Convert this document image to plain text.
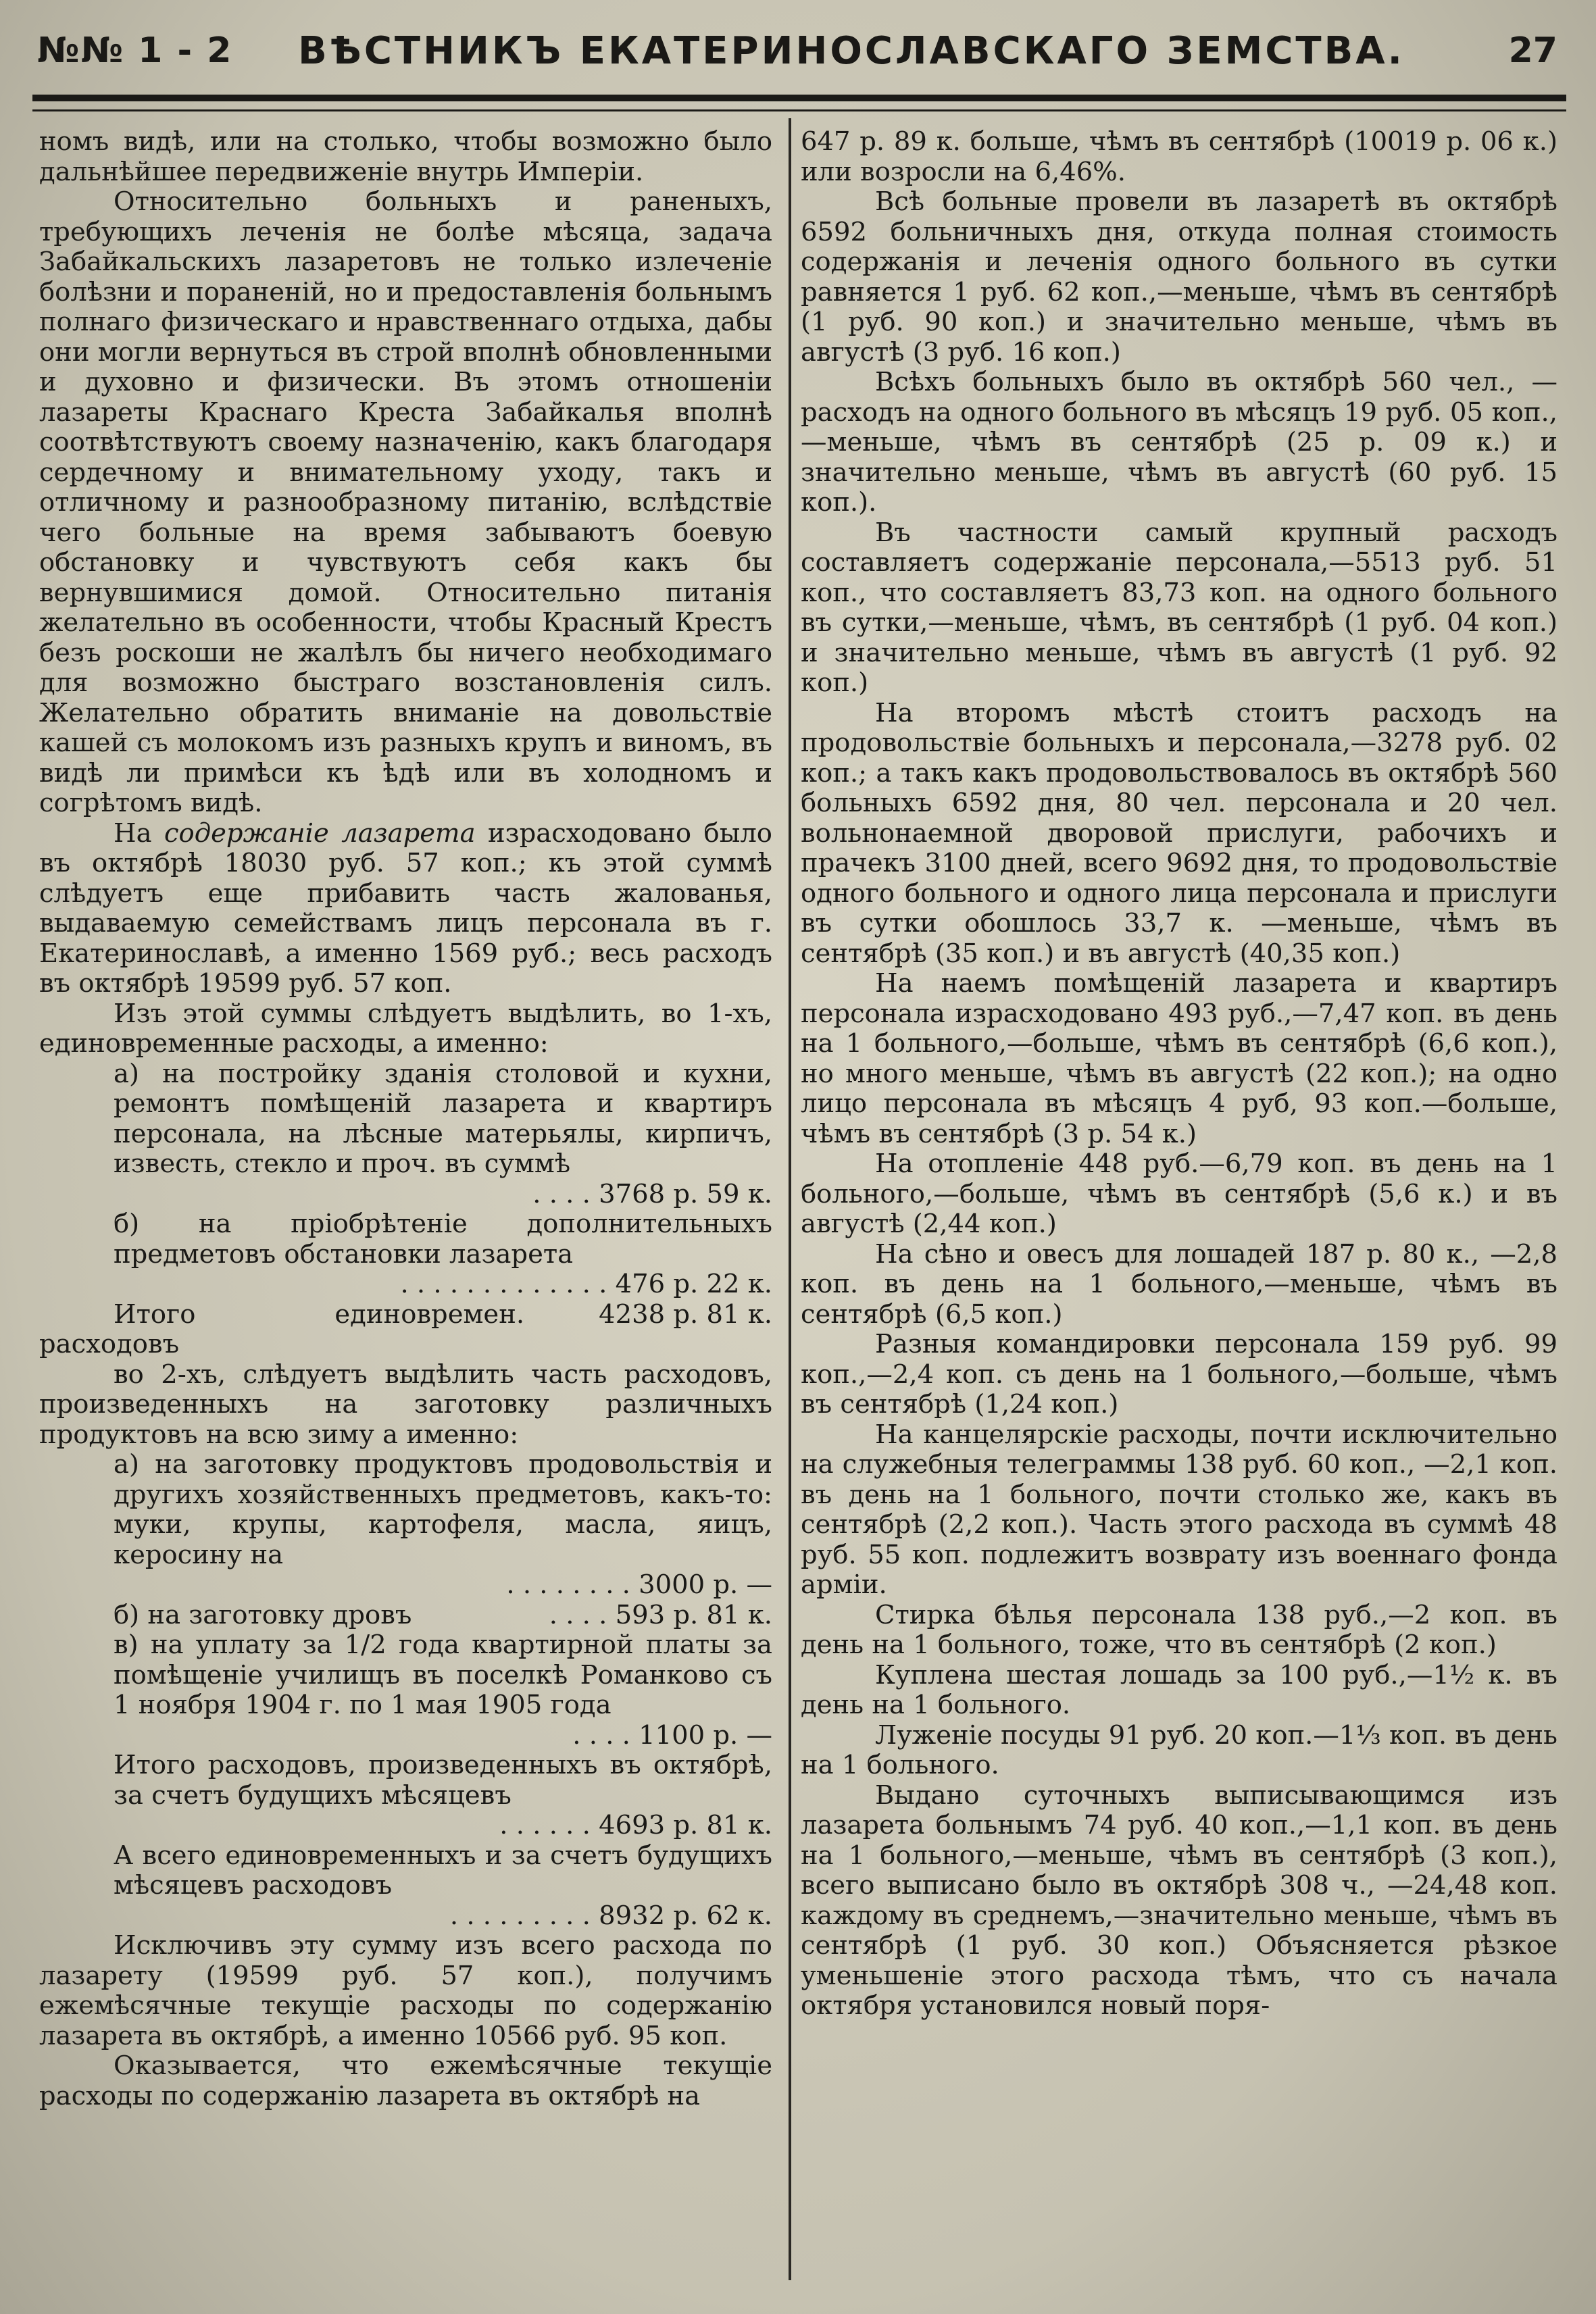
№№ 1 - 2	ВѢСТНИКЪ ЕКАТЕРИНОСЛАВСКАГО ЗЕМСТВА.	27

номъ видѣ, или на столько, чтобы возможно было дальнѣйшее передвиженіе внутрь Имперіи.

Относительно больныхъ и раненыхъ, требующихъ леченія не болѣе мѣсяца, задача Забайкальскихъ лазаретовъ не только излеченіе болѣзни и пораненій, но и предоставленія больнымъ полнаго физическаго и нравственнаго отдыха, дабы они могли вернуться въ строй вполнѣ обновленными и духовно и физически. Въ этомъ отношеніи лазареты Краснаго Креста Забайкалья вполнѣ соотвѣтствуютъ своему назначенію, какъ благодаря сердечному и внимательному уходу, такъ и отличному и разнообразному питанію, вслѣдствіе чего больные на время забываютъ боевую обстановку и чувствуютъ себя какъ бы вернувшимися домой. Относительно питанія желательно въ особенности, чтобы Красный Крестъ безъ роскоши не жалѣлъ бы ничего необходимаго для возможно быстраго возстановленія силъ. Желательно обратить вниманіе на довольствіе кашей съ молокомъ изъ разныхъ крупъ и виномъ, въ видѣ ли примѣси къ ѣдѣ или въ холодномъ и согрѣтомъ видѣ.

На содержаніе лазарета израсходовано было въ октябрѣ 18030 руб. 57 коп.; къ этой суммѣ слѣдуетъ еще прибавить часть жалованья, выдаваемую семействамъ лицъ персонала въ г. Екатеринославѣ, а именно 1569 руб.; весь расходъ въ октябрѣ 19599 руб. 57 коп.

Изъ этой суммы слѣдуетъ выдѣлить, во 1-хъ, единовременные расходы, а именно:

а) на постройку зданія столовой и кухни, ремонтъ помѣщеній лазарета и квартиръ персонала, на лѣсные матерьялы, кирпичъ, известь, стекло и проч. въ суммѣ

. . . . 3768 р. 59 к.

б) на пріобрѣтеніе дополнительныхъ предметовъ обстановки лазарета

. . . . . . . . . . . . . 476 р. 22 к.

Итого единовремен. расходовъ
4238 р. 81 к.

во 2-хъ, слѣдуетъ выдѣлить часть расходовъ, произведенныхъ на заготовку различныхъ продуктовъ на всю зиму а именно:

а) на заготовку продуктовъ продовольствія и другихъ хозяйственныхъ предметовъ, какъ-то: муки, крупы, картофеля, масла, яицъ, керосину на

. . . . . . . . 3000 р. —

б) на заготовку дровъ	. . . . 593 р. 81 к.

в) на уплату за 1/2 года квартирной платы за помѣщеніе училищъ въ поселкѣ Романково съ 1 ноября 1904 г. по 1 мая 1905 года

. . . . 1100 р. —

Итого расходовъ, произведенныхъ въ октябрѣ, за счетъ будущихъ мѣсяцевъ

. . . . . . 4693 р. 81 к.

А всего единовременныхъ и за счетъ будущихъ мѣсяцевъ расходовъ

. . . . . . . . . 8932 р. 62 к.

Исключивъ эту сумму изъ всего расхода по лазарету (19599 руб. 57 коп.), получимъ ежемѣсячные текущіе расходы по содержанію лазарета въ октябрѣ, а именно 10566 руб. 95 коп.

Оказывается, что ежемѣсячные текущіе расходы по содержанію лазарета въ октябрѣ на

647 р. 89 к. больше, чѣмъ въ сентябрѣ (10019 р. 06 к.) или возросли на 6,46%.

Всѣ больные провели въ лазаретѣ въ октябрѣ 6592 больничныхъ дня, откуда полная стоимость содержанія и леченія одного больного въ сутки равняется 1 руб. 62 коп.,—меньше, чѣмъ въ сентябрѣ (1 руб. 90 коп.) и значительно меньше, чѣмъ въ августѣ (3 руб. 16 коп.)

Всѣхъ больныхъ было въ октябрѣ 560 чел., —расходъ на одного больного въ мѣсяцъ 19 руб. 05 коп.,—меньше, чѣмъ въ сентябрѣ (25 р. 09 к.) и значительно меньше, чѣмъ въ августѣ (60 руб. 15 коп.).

Въ частности самый крупный расходъ составляетъ содержаніе персонала,—5513 руб. 51 коп., что составляетъ 83,73 коп. на одного больного въ сутки,—меньше, чѣмъ, въ сентябрѣ (1 руб. 04 коп.) и значительно меньше, чѣмъ въ августѣ (1 руб. 92 коп.)

На второмъ мѣстѣ стоитъ расходъ на продовольствіе больныхъ и персонала,—3278 руб. 02 коп.; а такъ какъ продовольствовалось въ октябрѣ 560 больныхъ 6592 дня, 80 чел. персонала и 20 чел. вольнонаемной дворовой прислуги, рабочихъ и прачекъ 3100 дней, всего 9692 дня, то продовольствіе одного больного и одного лица персонала и прислуги въ сутки обошлось 33,7 к. —меньше, чѣмъ въ сентябрѣ (35 коп.) и въ августѣ (40,35 коп.)

На наемъ помѣщеній лазарета и квартиръ персонала израсходовано 493 руб.,—7,47 коп. въ день на 1 больного,—больше, чѣмъ въ сентябрѣ (6,6 коп.), но много меньше, чѣмъ въ августѣ (22 коп.); на одно лицо персонала въ мѣсяцъ 4 руб, 93 коп.—больше, чѣмъ въ сентябрѣ (3 р. 54 к.)

На отопленіе 448 руб.—6,79 коп. въ день на 1 больного,—больше, чѣмъ въ сентябрѣ (5,6 к.) и въ августѣ (2,44 коп.)

На сѣно и овесъ для лошадей 187 р. 80 к., —2,8 коп. въ день на 1 больного,—меньше, чѣмъ въ сентябрѣ (6,5 коп.)

Разныя командировки персонала 159 руб. 99 коп.,—2,4 коп. съ день на 1 больного,—больше, чѣмъ въ сентябрѣ (1,24 коп.)

На канцелярскіе расходы, почти исключительно на служебныя телеграммы 138 руб. 60 коп., —2,1 коп. въ день на 1 больного, почти столько же, какъ въ сентябрѣ (2,2 коп.). Часть этого расхода въ суммѣ 48 руб. 55 коп. подлежитъ возврату изъ военнаго фонда арміи.

Стирка бѣлья персонала 138 руб.,—2 коп. въ день на 1 больного, тоже, что въ сентябрѣ (2 коп.)

Куплена шестая лошадь за 100 руб.,—1½ к. въ день на 1 больного.

Луженіе посуды 91 руб. 20 коп.—1⅓ коп. въ день на 1 больного.

Выдано суточныхъ выписывающимся изъ лазарета больнымъ 74 руб. 40 коп.,—1,1 коп. въ день на 1 больного,—меньше, чѣмъ въ сентябрѣ (3 коп.), всего выписано было въ октябрѣ 308 ч., —24,48 коп. каждому въ среднемъ,—значительно меньше, чѣмъ въ сентябрѣ (1 руб. 30 коп.) Объясняется рѣзкое уменьшеніе этого расхода тѣмъ, что съ начала октября установился новый поря-
